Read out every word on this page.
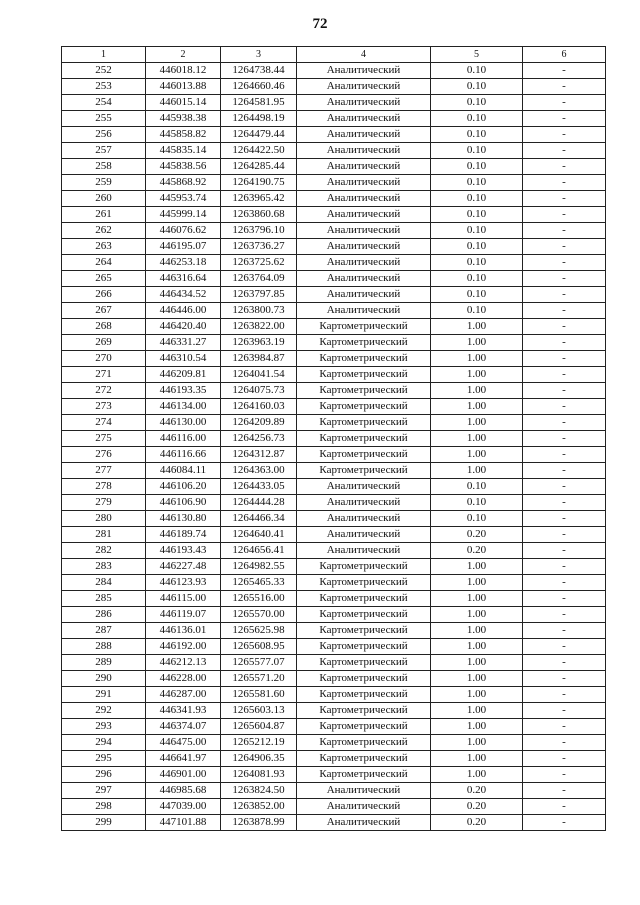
72
1	2	3	4	5	6
252	446018.12	1264738.44	Аналитический	0.10	-
253	446013.88	1264660.46	Аналитический	0.10	-
254	446015.14	1264581.95	Аналитический	0.10	-
255	445938.38	1264498.19	Аналитический	0.10	-
256	445858.82	1264479.44	Аналитический	0.10	-
257	445835.14	1264422.50	Аналитический	0.10	-
258	445838.56	1264285.44	Аналитический	0.10	-
259	445868.92	1264190.75	Аналитический	0.10	-
260	445953.74	1263965.42	Аналитический	0.10	-
261	445999.14	1263860.68	Аналитический	0.10	-
262	446076.62	1263796.10	Аналитический	0.10	-
263	446195.07	1263736.27	Аналитический	0.10	-
264	446253.18	1263725.62	Аналитический	0.10	-
265	446316.64	1263764.09	Аналитический	0.10	-
266	446434.52	1263797.85	Аналитический	0.10	-
267	446446.00	1263800.73	Аналитический	0.10	-
268	446420.40	1263822.00	Картометрический	1.00	-
269	446331.27	1263963.19	Картометрический	1.00	-
270	446310.54	1263984.87	Картометрический	1.00	-
271	446209.81	1264041.54	Картометрический	1.00	-
272	446193.35	1264075.73	Картометрический	1.00	-
273	446134.00	1264160.03	Картометрический	1.00	-
274	446130.00	1264209.89	Картометрический	1.00	-
275	446116.00	1264256.73	Картометрический	1.00	-
276	446116.66	1264312.87	Картометрический	1.00	-
277	446084.11	1264363.00	Картометрический	1.00	-
278	446106.20	1264433.05	Аналитический	0.10	-
279	446106.90	1264444.28	Аналитический	0.10	-
280	446130.80	1264466.34	Аналитический	0.10	-
281	446189.74	1264640.41	Аналитический	0.20	-
282	446193.43	1264656.41	Аналитический	0.20	-
283	446227.48	1264982.55	Картометрический	1.00	-
284	446123.93	1265465.33	Картометрический	1.00	-
285	446115.00	1265516.00	Картометрический	1.00	-
286	446119.07	1265570.00	Картометрический	1.00	-
287	446136.01	1265625.98	Картометрический	1.00	-
288	446192.00	1265608.95	Картометрический	1.00	-
289	446212.13	1265577.07	Картометрический	1.00	-
290	446228.00	1265571.20	Картометрический	1.00	-
291	446287.00	1265581.60	Картометрический	1.00	-
292	446341.93	1265603.13	Картометрический	1.00	-
293	446374.07	1265604.87	Картометрический	1.00	-
294	446475.00	1265212.19	Картометрический	1.00	-
295	446641.97	1264906.35	Картометрический	1.00	-
296	446901.00	1264081.93	Картометрический	1.00	-
297	446985.68	1263824.50	Аналитический	0.20	-
298	447039.00	1263852.00	Аналитический	0.20	-
299	447101.88	1263878.99	Аналитический	0.20	-
